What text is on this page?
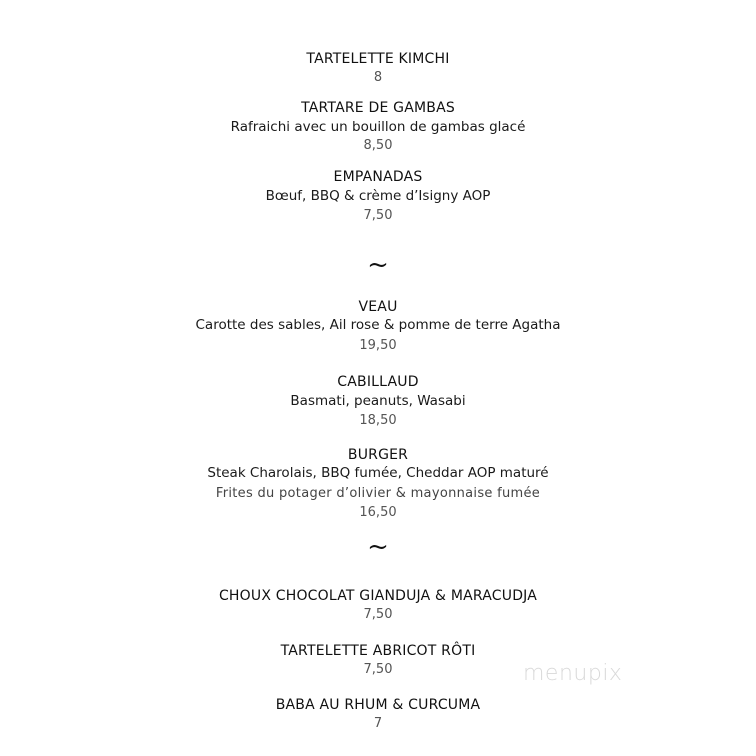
TARTELETTE KIMCHI
8
TARTARE DE GAMBAS
Rafraichi avec un bouillon de gambas glacé
8,50
EMPANADAS
Bœuf, BBQ & crème d’Isigny AOP
7,50
~
VEAU
Carotte des sables, Ail rose & pomme de terre Agatha
19,50
CABILLAUD
Basmati, peanuts, Wasabi
18,50
BURGER
Steak Charolais, BBQ fumée, Cheddar AOP maturé
Frites du potager d’olivier & mayonnaise fumée
16,50
~
CHOUX CHOCOLAT GIANDUJA & MARACUDJA
7,50
TARTELETTE ABRICOT RÔTI
7,50
BABA AU RHUM & CURCUMA
7
menupix
